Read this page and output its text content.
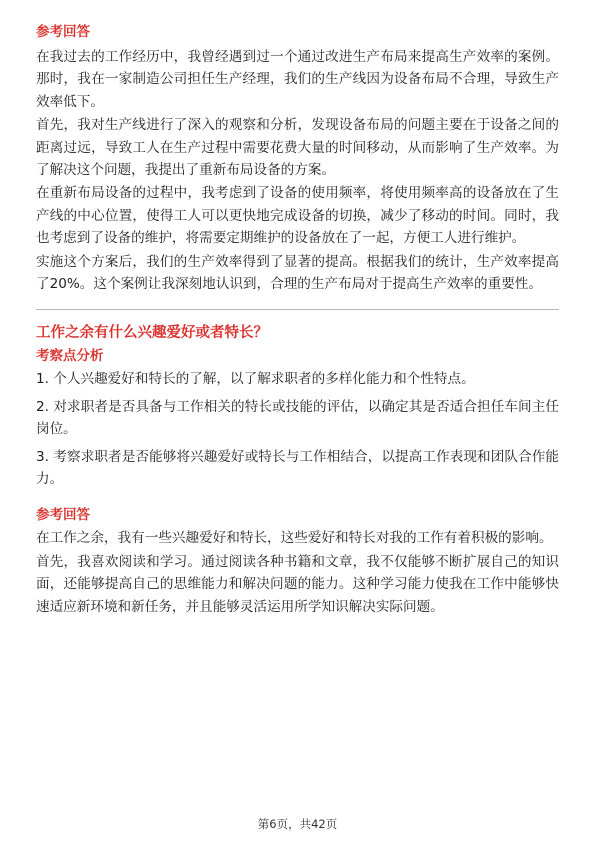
参考回答

在我过去的工作经历中，我曾经遇到过一个通过改进生产布局来提高生产效率的案例。那时，我在一家制造公司担任生产经理，我们的生产线因为设备布局不合理，导致生产效率低下。

首先，我对生产线进行了深入的观察和分析，发现设备布局的问题主要在于设备之间的距离过远，导致工人在生产过程中需要花费大量的时间移动，从而影响了生产效率。为了解决这个问题，我提出了重新布局设备的方案。

在重新布局设备的过程中，我考虑到了设备的使用频率，将使用频率高的设备放在了生产线的中心位置，使得工人可以更快地完成设备的切换，减少了移动的时间。同时，我也考虑到了设备的维护，将需要定期维护的设备放在了一起，方便工人进行维护。

实施这个方案后，我们的生产效率得到了显著的提高。根据我们的统计，生产效率提高了20%。这个案例让我深刻地认识到，合理的生产布局对于提高生产效率的重要性。

工作之余有什么兴趣爱好或者特长？
考察点分析

1. 个人兴趣爱好和特长的了解，以了解求职者的多样化能力和个性特点。

2. 对求职者是否具备与工作相关的特长或技能的评估，以确定其是否适合担任车间主任岗位。

3. 考察求职者是否能够将兴趣爱好或特长与工作相结合，以提高工作表现和团队合作能力。

参考回答

在工作之余，我有一些兴趣爱好和特长，这些爱好和特长对我的工作有着积极的影响。

首先，我喜欢阅读和学习。通过阅读各种书籍和文章，我不仅能够不断扩展自己的知识面，还能够提高自己的思维能力和解决问题的能力。这种学习能力使我在工作中能够快速适应新环境和新任务，并且能够灵活运用所学知识解决实际问题。

第6页，共42页
